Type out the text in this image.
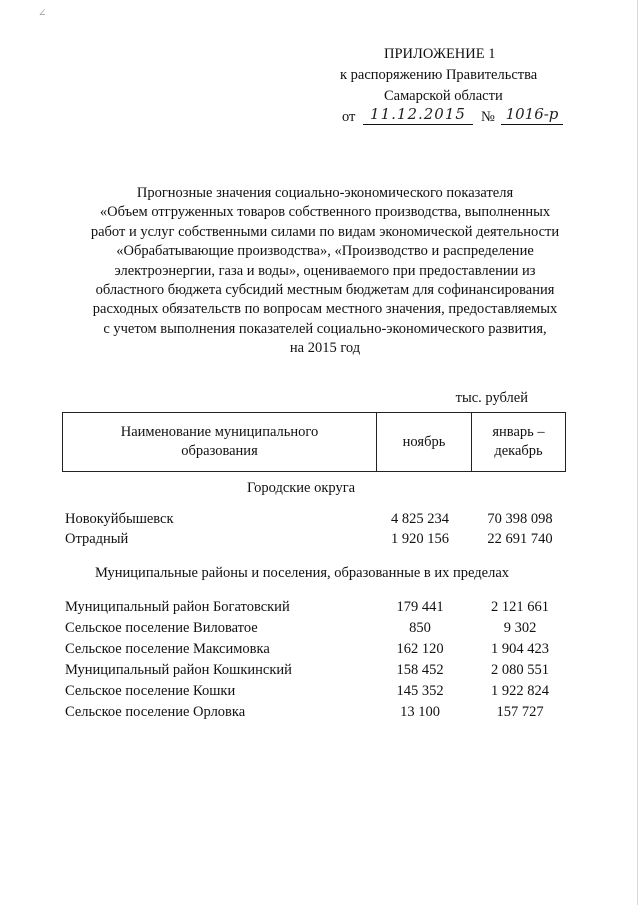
∠
ПРИЛОЖЕНИЕ 1
к распоряжению Правительства
Самарской области
от 11.12.2015	№ 1016-р
Прогнозные значения социально-экономического показателя
«Объем отгруженных товаров собственного производства, выполненных
работ и услуг собственными силами по видам экономической деятельности
«Обрабатывающие производства», «Производство и распределение
электроэнергии, газа и воды», оцениваемого при предоставлении из
областного бюджета субсидий местным бюджетам для софинансирования
расходных обязательств по вопросам местного значения, предоставляемых
с учетом выполнения показателей социально-экономического развития,
на 2015 год
тыс. рублей
Наименование муниципального образования	ноябрь	январь – декабрь
Городские округа
Новокуйбышевск	4 825 234	70 398 098
Отрадный	1 920 156	22 691 740
Муниципальные районы и поселения, образованные в их пределах
Муниципальный район Богатовский	179 441	2 121 661
Сельское поселение Виловатое	850	9 302
Сельское поселение Максимовка	162 120	1 904 423
Муниципальный район Кошкинский	158 452	2 080 551
Сельское поселение Кошки	145 352	1 922 824
Сельское поселение Орловка	13 100	157 727
